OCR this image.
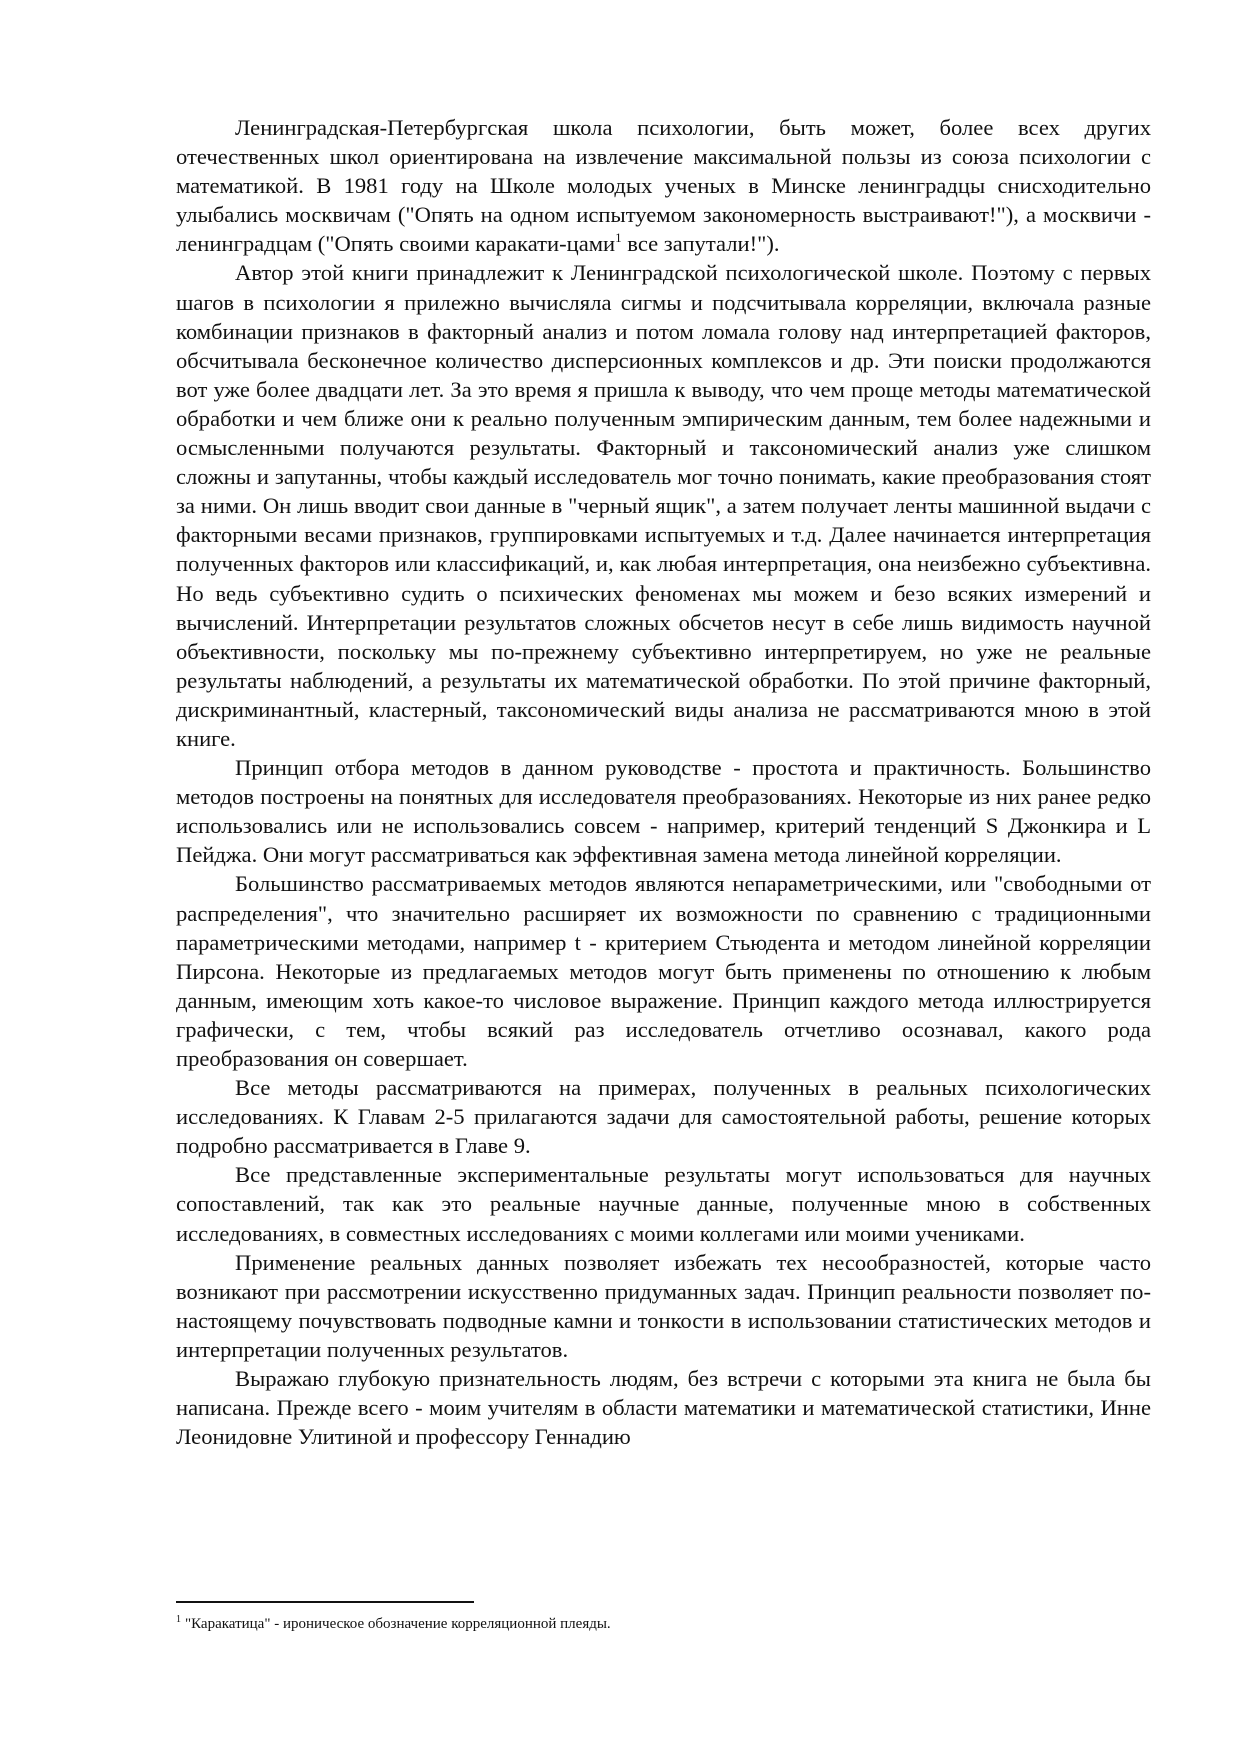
Ленинградская-Петербургская школа психологии, быть может, более всех других отечественных школ ориентирована на извлечение максимальной пользы из союза психологии с математикой. В 1981 году на Школе молодых ученых в Минске ленинградцы снисходительно улыбались москвичам ("Опять на одном испытуемом закономерность выстраивают!"), а москвичи - ленинградцам ("Опять своими каракати-цами$^1$ все запутали!").

Автор этой книги принадлежит к Ленинградской психологической школе. Поэтому с первых шагов в психологии я прилежно вычисляла сигмы и подсчитывала корреляции, включала разные комбинации признаков в факторный анализ и потом ломала голову над интерпретацией факторов, обсчитывала бесконечное количество дисперсионных комплексов и др. Эти поиски продолжаются вот уже более двадцати лет. За это время я пришла к выводу, что чем проще методы математической обработки и чем ближе они к реально полученным эмпирическим данным, тем более надежными и осмысленными получаются результаты. Факторный и таксономический анализ уже слишком сложны и запутанны, чтобы каждый исследователь мог точно понимать, какие преобразования стоят за ними. Он лишь вводит свои данные в "черный ящик", а затем получает ленты машинной выдачи с факторными весами признаков, группировками испытуемых и т.д. Далее начинается интерпретация полученных факторов или классификаций, и, как любая интерпретация, она неизбежно субъективна. Но ведь субъективно судить о психических феноменах мы можем и безо всяких измерений и вычислений. Интерпретации результатов сложных обсчетов несут в себе лишь видимость научной объективности, поскольку мы по-прежнему субъективно интерпретируем, но уже не реальные результаты наблюдений, а результаты их математической обработки. По этой причине факторный, дискриминантный, кластерный, таксономический виды анализа не рассматриваются мною в этой книге.

Принцип отбора методов в данном руководстве - простота и практичность. Большинство методов построены на понятных для исследователя преобразованиях. Некоторые из них ранее редко использовались или не использовались совсем - например, критерий тенденций S Джонкира и L Пейджа. Они могут рассматриваться как эффективная замена метода линейной корреляции.

Большинство рассматриваемых методов являются непараметрическими, или "свободными от распределения", что значительно расширяет их возможности по сравнению с традиционными параметрическими методами, например t - критерием Стьюдента и методом линейной корреляции Пирсона. Некоторые из предлагаемых методов могут быть применены по отношению к любым данным, имеющим хоть какое-то числовое выражение. Принцип каждого метода иллюстрируется графически, с тем, чтобы всякий раз исследователь отчетливо осознавал, какого рода преобразования он совершает.

Все методы рассматриваются на примерах, полученных в реальных психологических исследованиях. К Главам 2-5 прилагаются задачи для самостоятельной работы, решение которых подробно рассматривается в Главе 9.

Все представленные экспериментальные результаты могут использоваться для научных сопоставлений, так как это реальные научные данные, полученные мною в собственных исследованиях, в совместных исследованиях с моими коллегами или моими учениками.

Применение реальных данных позволяет избежать тех несообразностей, которые часто возникают при рассмотрении искусственно придуманных задач. Принцип реальности позволяет по-настоящему почувствовать подводные камни и тонкости в использовании статистических методов и интерпретации полученных результатов.

Выражаю глубокую признательность людям, без встречи с которыми эта книга не была бы написана. Прежде всего - моим учителям в области математики и математической статистики, Инне Леонидовне Улитиной и профессору Геннадию

$^1$ "Каракатица" - ироническое обозначение корреляционной плеяды.
